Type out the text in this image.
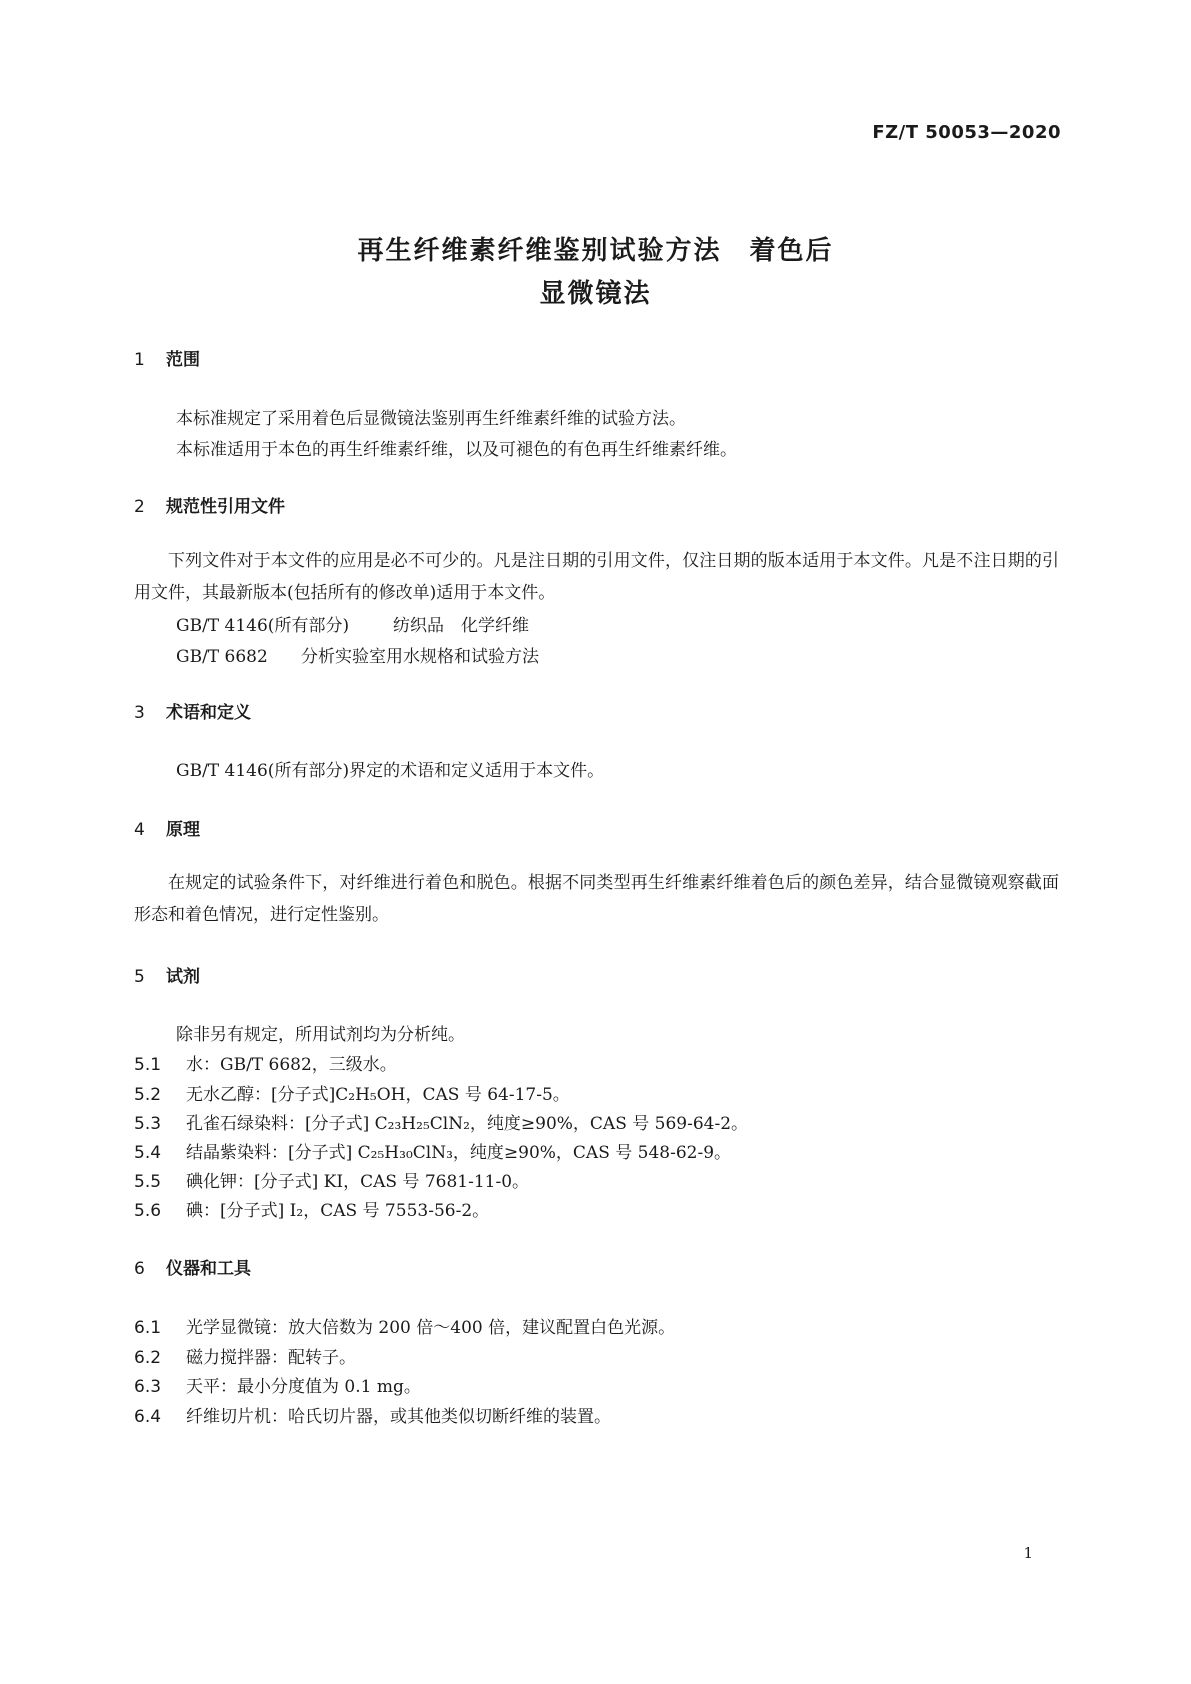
FZ/T 50053—2020
再生纤维素纤维鉴别试验方法　着色后
显微镜法
1 范围
本标准规定了采用着色后显微镜法鉴别再生纤维素纤维的试验方法。
本标准适用于本色的再生纤维素纤维，以及可褪色的有色再生纤维素纤维。
2 规范性引用文件
下列文件对于本文件的应用是必不可少的。凡是注日期的引用文件，仅注日期的版本适用于本文件。凡是不注日期的引用文件，其最新版本(包括所有的修改单)适用于本文件。
GB/T 4146(所有部分)	纺织品　化学纤维
GB/T 6682 分析实验室用水规格和试验方法
3 术语和定义
GB/T 4146(所有部分)界定的术语和定义适用于本文件。
4 原理
在规定的试验条件下，对纤维进行着色和脱色。根据不同类型再生纤维素纤维着色后的颜色差异，结合显微镜观察截面形态和着色情况，进行定性鉴别。
5 试剂
除非另有规定，所用试剂均为分析纯。
5.1 水：GB/T 6682，三级水。
5.2 无水乙醇：[分子式]C₂H₅OH，CAS 号 64-17-5。
5.3 孔雀石绿染料：[分子式] C₂₃H₂₅ClN₂，纯度≥90%，CAS 号 569-64-2。
5.4 结晶紫染料：[分子式] C₂₅H₃₀ClN₃，纯度≥90%，CAS 号 548-62-9。
5.5 碘化钾：[分子式] KI，CAS 号 7681-11-0。
5.6 碘：[分子式] I₂，CAS 号 7553-56-2。
6 仪器和工具
6.1 光学显微镜：放大倍数为 200 倍～400 倍，建议配置白色光源。
6.2 磁力搅拌器：配转子。
6.3 天平：最小分度值为 0.1 mg。
6.4 纤维切片机：哈氏切片器，或其他类似切断纤维的装置。
1
